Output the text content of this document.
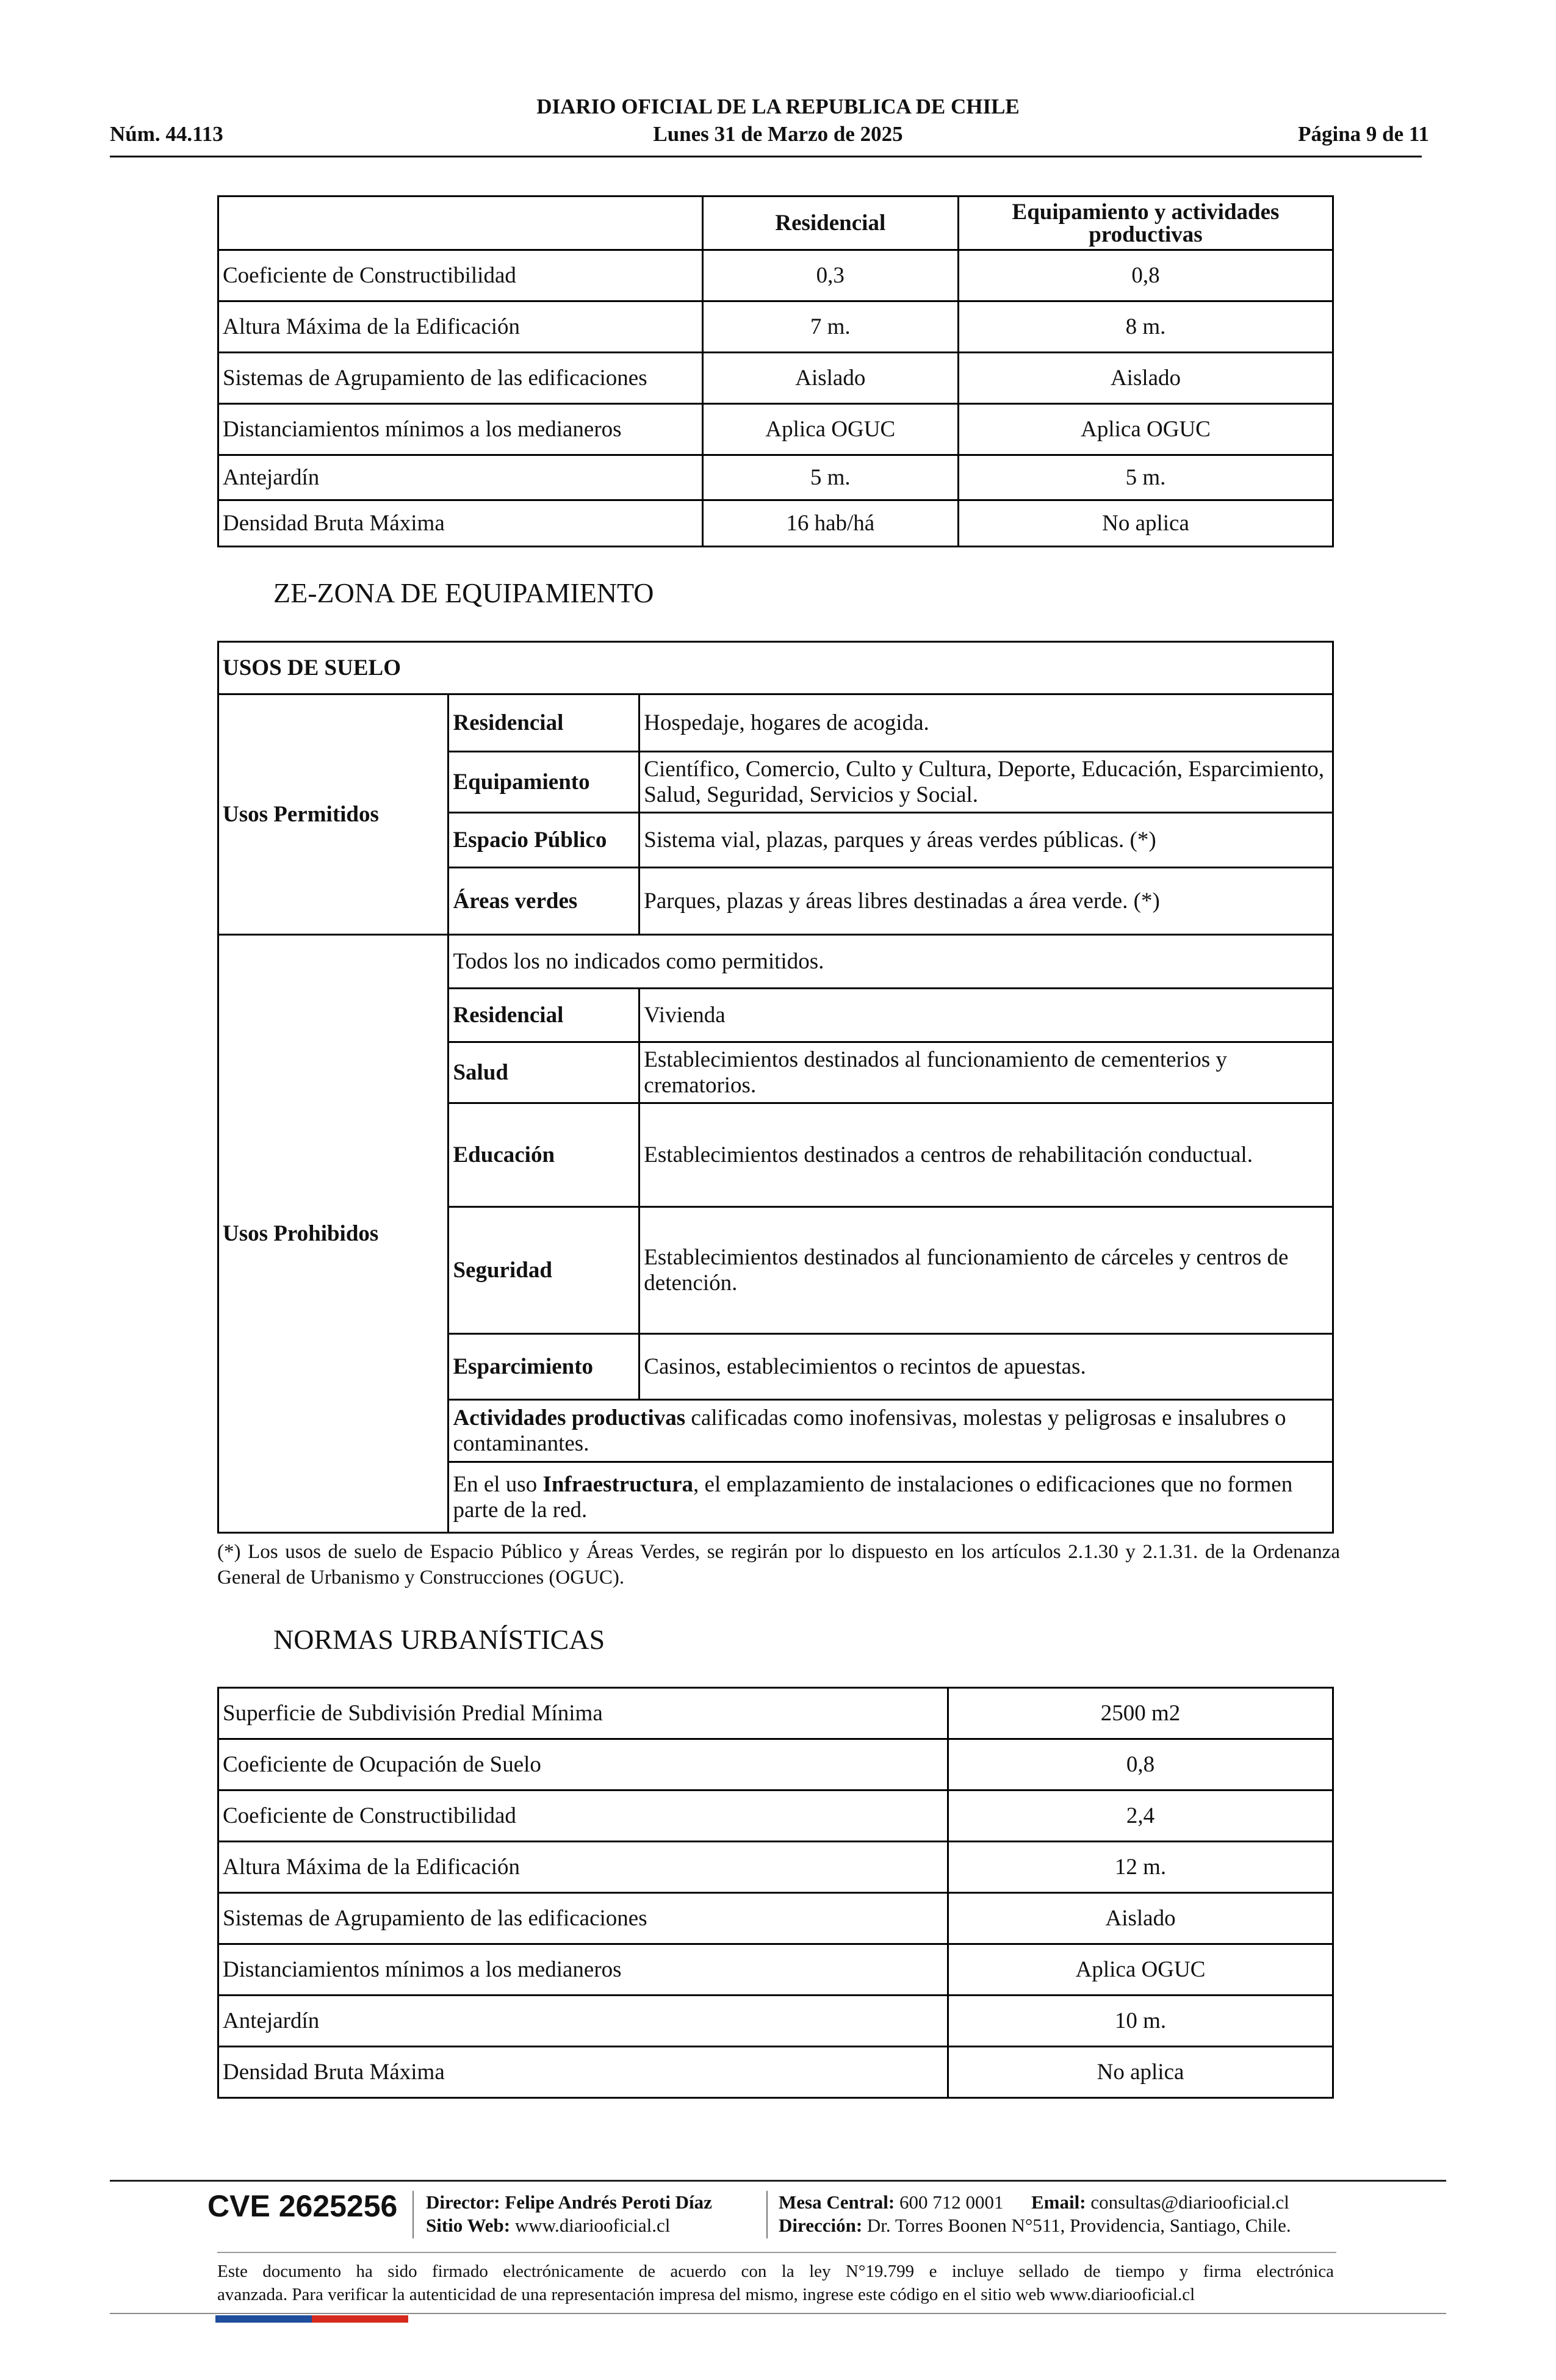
DIARIO OFICIAL DE LA REPUBLICA DE CHILE
Núm. 44.113	Lunes 31 de Marzo de 2025	Página 9 de 11
	Residencial	Equipamiento y actividades productivas
Coeficiente de Constructibilidad	0,3	0,8
Altura Máxima de la Edificación	7 m.	8 m.
Sistemas de Agrupamiento de las edificaciones	Aislado	Aislado
Distanciamientos mínimos a los medianeros	Aplica OGUC	Aplica OGUC
Antejardín	5 m.	5 m.
Densidad Bruta Máxima	16 hab/há	No aplica
ZE-ZONA DE EQUIPAMIENTO
USOS DE SUELO		
Usos Permitidos	Residencial	Hospedaje, hogares de acogida.
	Equipamiento	Científico, Comercio, Culto y Cultura, Deporte, Educación, Esparcimiento, Salud, Seguridad, Servicios y Social.
	Espacio Público	Sistema vial, plazas, parques y áreas verdes públicas. (*)
	Áreas verdes	Parques, plazas y áreas libres destinadas a área verde. (*)
Usos Prohibidos	Todos los no indicados como permitidos.	
	Residencial	Vivienda
	Salud	Establecimientos destinados al funcionamiento de cementerios y crematorios.
	Educación	Establecimientos destinados a centros de rehabilitación conductual.
	Seguridad	Establecimientos destinados al funcionamiento de cárceles y centros de detención.
	Esparcimiento	Casinos, establecimientos o recintos de apuestas.
	Actividades productivas calificadas como inofensivas, molestas y peligrosas e insalubres o contaminantes.	
	En el uso Infraestructura, el emplazamiento de instalaciones o edificaciones que no formen parte de la red.	
(*) Los usos de suelo de Espacio Público y Áreas Verdes, se regirán por lo dispuesto en los artículos 2.1.30 y 2.1.31. de la Ordenanza General de Urbanismo y Construcciones (OGUC).
NORMAS URBANÍSTICAS
Superficie de Subdivisión Predial Mínima	2500 m2
Coeficiente de Ocupación de Suelo	0,8
Coeficiente de Constructibilidad	2,4
Altura Máxima de la Edificación	12 m.
Sistemas de Agrupamiento de las edificaciones	Aislado
Distanciamientos mínimos a los medianeros	Aplica OGUC
Antejardín	10 m.
Densidad Bruta Máxima	No aplica
CVE 2625256 Director: Felipe Andrés Peroti Díaz
Sitio Web: www.diariooficial.cl
Mesa Central: 600 712 0001 Email: consultas@diariooficial.cl
Dirección: Dr. Torres Boonen N°511, Providencia, Santiago, Chile.
Este documento ha sido firmado electrónicamente de acuerdo con la ley N°19.799 e incluye sellado de tiempo y firma electrónica
avanzada. Para verificar la autenticidad de una representación impresa del mismo, ingrese este código en el sitio web www.diariooficial.cl
